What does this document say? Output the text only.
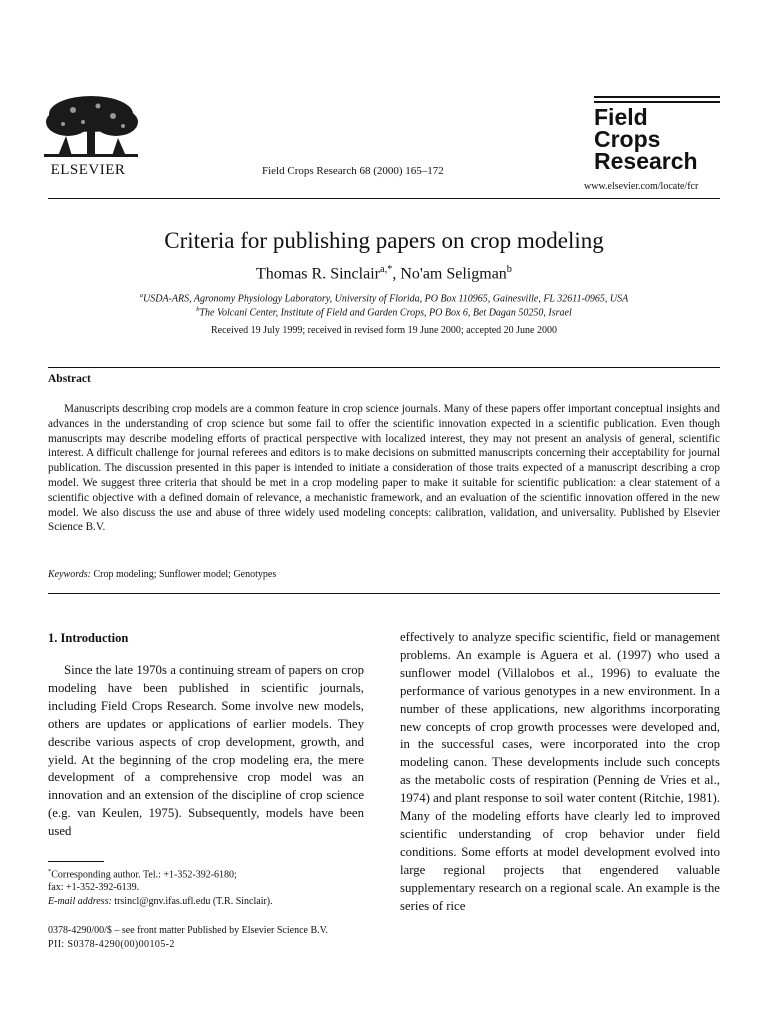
ELSEVIER	Field Crops Research 68 (2000) 165–172
Field
Crops
Research
www.elsevier.com/locate/fcr
Criteria for publishing papers on crop modeling
Thomas R. Sinclair$^{a,*}$, No'am Seligman$^b$
$^a$USDA-ARS, Agronomy Physiology Laboratory, University of Florida, PO Box 110965, Gainesville, FL 32611-0965, USA
$^b$The Volcani Center, Institute of Field and Garden Crops, PO Box 6, Bet Dagan 50250, Israel
Received 19 July 1999; received in revised form 19 June 2000; accepted 20 June 2000
Abstract
Manuscripts describing crop models are a common feature in crop science journals. Many of these papers offer important conceptual insights and advances in the understanding of crop science but some fail to offer the scientific innovation expected in a scientific publication. Even though manuscripts may describe modeling efforts of practical perspective with localized interest, they may not present an analysis of general, scientific interest. A difficult challenge for journal referees and editors is to make decisions on submitted manuscripts concerning their acceptability for journal publication. The discussion presented in this paper is intended to initiate a consideration of those traits expected of a manuscript describing a crop model. We suggest three criteria that should be met in a crop modeling paper to make it suitable for scientific publication: a clear statement of a scientific objective with a defined domain of relevance, a mechanistic framework, and an evaluation of the scientific innovation offered in the new model. We also discuss the use and abuse of three widely used modeling concepts: calibration, validation, and universality. Published by Elsevier Science B.V.
Keywords: Crop modeling; Sunflower model; Genotypes
1. Introduction
Since the late 1970s a continuing stream of papers on crop modeling have been published in scientific journals, including Field Crops Research. Some involve new models, others are updates or applications of earlier models. They describe various aspects of crop development, growth, and yield. At the beginning of the crop modeling era, the mere development of a comprehensive crop model was an innovation and an extension of the discipline of crop science (e.g. van Keulen, 1975). Subsequently, models have been used
effectively to analyze specific scientific, field or management problems. An example is Aguera et al. (1997) who used a sunflower model (Villalobos et al., 1996) to evaluate the performance of various genotypes in a new environment. In a number of these applications, new algorithms incorporating new concepts of crop growth processes were developed and, in the successful cases, were incorporated into the crop modeling canon. These developments include such concepts as the metabolic costs of respiration (Penning de Vries et al., 1974) and plant response to soil water content (Ritchie, 1981). Many of the modeling efforts have clearly led to improved scientific understanding of crop behavior under field conditions. Some efforts at model development evolved into large regional projects that engendered valuable supplementary research on a regional scale. An example is the series of rice
*Corresponding author. Tel.: +1-352-392-6180;
fax: +1-352-392-6139.
E-mail address: trsincl@gnv.ifas.ufl.edu (T.R. Sinclair).
0378-4290/00/$ – see front matter Published by Elsevier Science B.V.
PII: S0378-4290(00)00105-2
